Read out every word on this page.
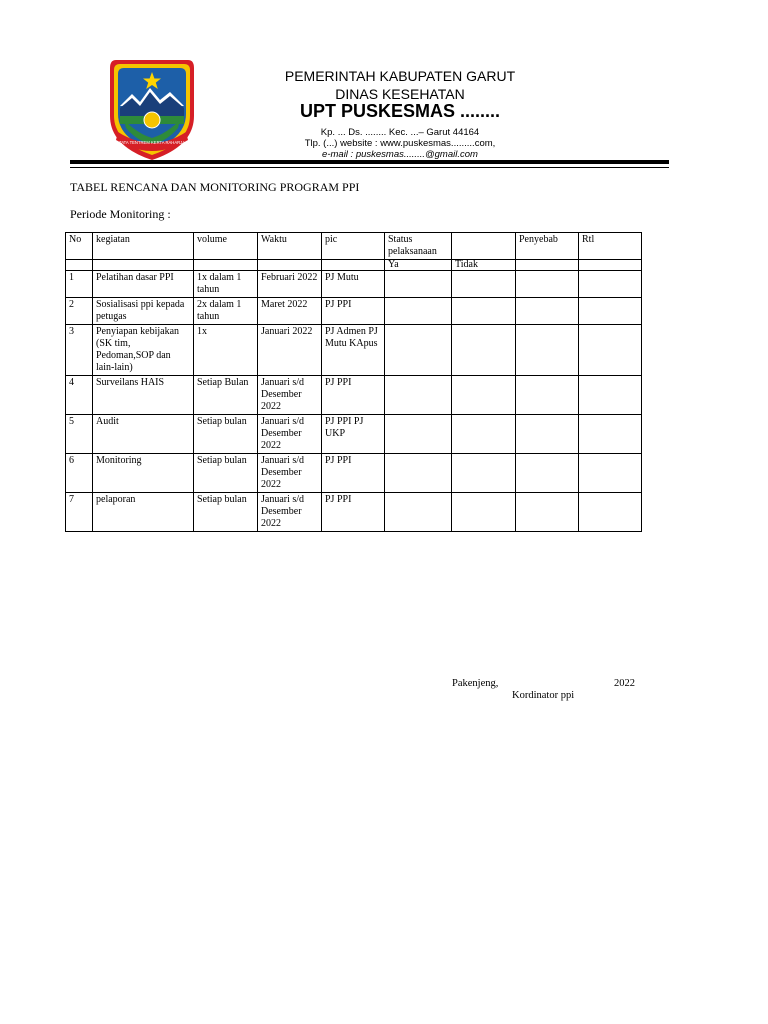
TATA TENTREM KERTA RAHARJA
PEMERINTAH KABUPATEN GARUT
DINAS KESEHATAN
UPT PUSKESMAS ........
Kp. ... Ds. ........ Kec. ...– Garut 44164
Tlp. (...) website : www.puskesmas.........com,
e-mail : puskesmas........@gmail.com
TABEL RENCANA DAN MONITORING PROGRAM PPI
Periode Monitoring :
No	kegiatan	volume	Waktu	pic	Status pelaksanaan		Penyebab	Rtl
					Ya	Tidak		
1	Pelatihan dasar PPI	1x dalam 1 tahun	Februari 2022	PJ Mutu				
2	Sosialisasi ppi kepada petugas	2x dalam 1 tahun	Maret 2022	PJ PPI				
3	Penyiapan kebijakan (SK tim, Pedoman,SOP dan lain-lain)	1x	Januari 2022	PJ Admen PJ Mutu KApus				
4	Surveilans HAIS	Setiap Bulan	Januari s/d Desember 2022	PJ PPI				
5	Audit	Setiap bulan	Januari s/d Desember 2022	PJ PPI PJ UKP				
6	Monitoring	Setiap bulan	Januari s/d Desember 2022	PJ PPI				
7	pelaporan	Setiap bulan	Januari s/d Desember 2022	PJ PPI				
Pakenjeng,	2022
Kordinator ppi
